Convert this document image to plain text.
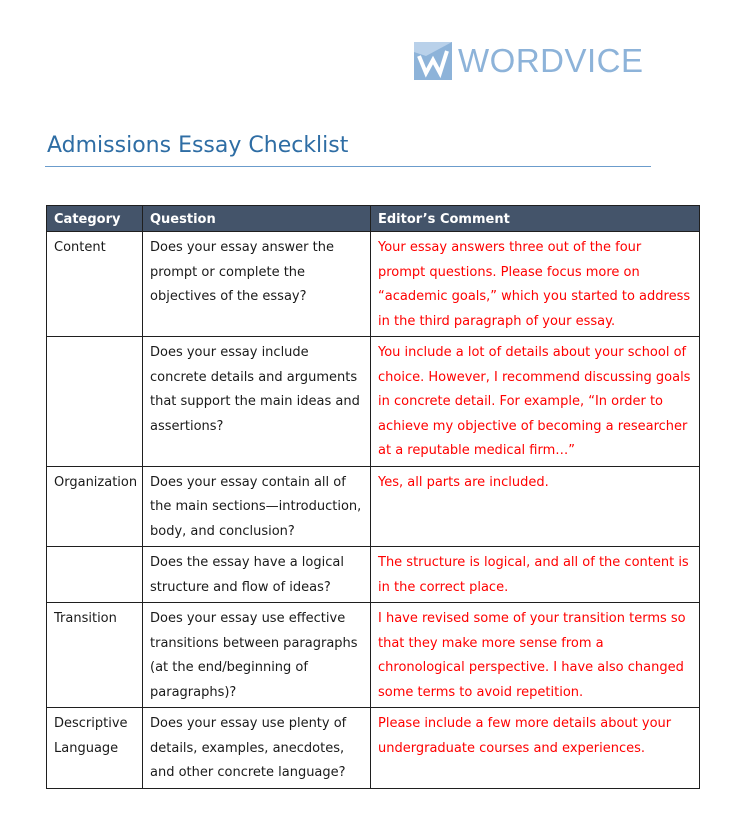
WORDVICE
Admissions Essay Checklist
Category	Question	Editor’s Comment
Content	Does your essay answer the prompt or complete the objectives of the essay?	Your essay answers three out of the four prompt questions. Please focus more on “academic goals,” which you started to address in the third paragraph of your essay.
	Does your essay include concrete details and arguments that support the main ideas and assertions?	You include a lot of details about your school of choice. However, I recommend discussing goals in concrete detail. For example, “In order to achieve my objective of becoming a researcher at a reputable medical firm…”
Organization	Does your essay contain all of the main sections—introduction, body, and conclusion?	Yes, all parts are included.
	Does the essay have a logical structure and flow of ideas?	The structure is logical, and all of the content is in the correct place.
Transition	Does your essay use effective transitions between paragraphs (at the end/beginning of paragraphs)?	I have revised some of your transition terms so that they make more sense from a chronological perspective. I have also changed some terms to avoid repetition.
Descriptive Language	Does your essay use plenty of details, examples, anecdotes, and other concrete language?	Please include a few more details about your undergraduate courses and experiences.
